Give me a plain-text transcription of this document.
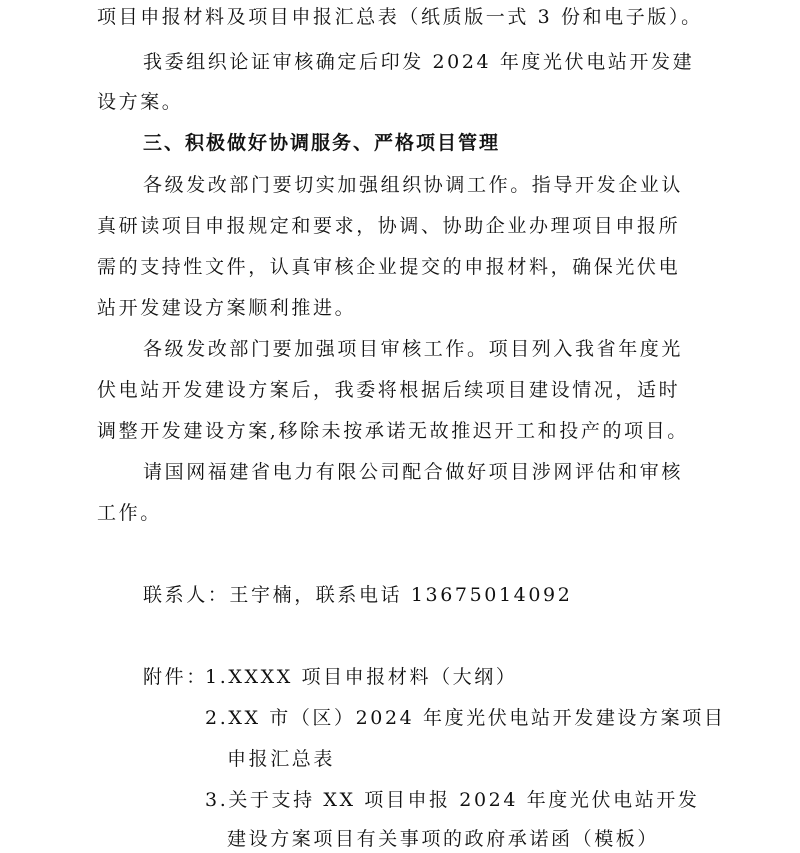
项目申报材料及项目申报汇总表（纸质版一式 3 份和电子版）。
我委组织论证审核确定后印发 2024 年度光伏电站开发建
设方案。
三、积极做好协调服务、严格项目管理
各级发改部门要切实加强组织协调工作。指导开发企业认
真研读项目申报规定和要求，协调、协助企业办理项目申报所
需的支持性文件，认真审核企业提交的申报材料，确保光伏电
站开发建设方案顺利推进。
各级发改部门要加强项目审核工作。项目列入我省年度光
伏电站开发建设方案后，我委将根据后续项目建设情况，适时
调整开发建设方案,移除未按承诺无故推迟开工和投产的项目。
请国网福建省电力有限公司配合做好项目涉网评估和审核
工作。
联系人：王宇楠，联系电话 13675014092
附件：
1.XXXX 项目申报材料（大纲）
2.XX 市（区）2024 年度光伏电站开发建设方案项目
申报汇总表
3.关于支持 XX 项目申报 2024 年度光伏电站开发
建设方案项目有关事项的政府承诺函（模板）
